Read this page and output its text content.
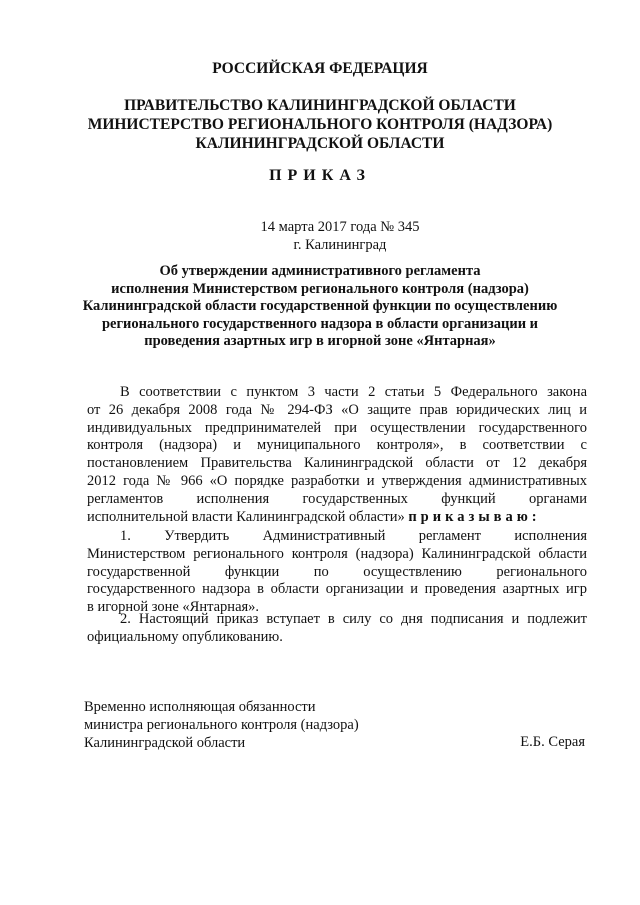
РОССИЙСКАЯ ФЕДЕРАЦИЯ
ПРАВИТЕЛЬСТВО КАЛИНИНГРАДСКОЙ ОБЛАСТИ
МИНИСТЕРСТВО РЕГИОНАЛЬНОГО КОНТРОЛЯ (НАДЗОРА)
КАЛИНИНГРАДСКОЙ ОБЛАСТИ
ПРИКАЗ
14 марта 2017 года № 345
г. Калининград
Об утверждении административного регламента
исполнения Министерством регионального контроля (надзора)
Калининградской области государственной функции по осуществлению
регионального государственного надзора в области организации и
проведения азартных игр в игорной зоне «Янтарная»
В соответствии с пунктом 3 части 2 статьи 5 Федерального закона
от 26 декабря 2008 года № 294-ФЗ «О защите прав юридических лиц и
индивидуальных предпринимателей при осуществлении государственного
контроля (надзора) и муниципального контроля», в соответствии с
постановлением Правительства Калининградской области от 12 декабря
2012 года № 966 «О порядке разработки и утверждения административных
регламентов исполнения государственных функций органами
исполнительной власти Калининградской области» приказываю:
1. Утвердить Административный регламент исполнения
Министерством регионального контроля (надзора) Калининградской области
государственной функции по осуществлению регионального
государственного надзора в области организации и проведения азартных игр
в игорной зоне «Янтарная».
2. Настоящий приказ вступает в силу со дня подписания и подлежит
официальному опубликованию.
Временно исполняющая обязанности
министра регионального контроля (надзора)
Калининградской области	Е.Б. Серая
